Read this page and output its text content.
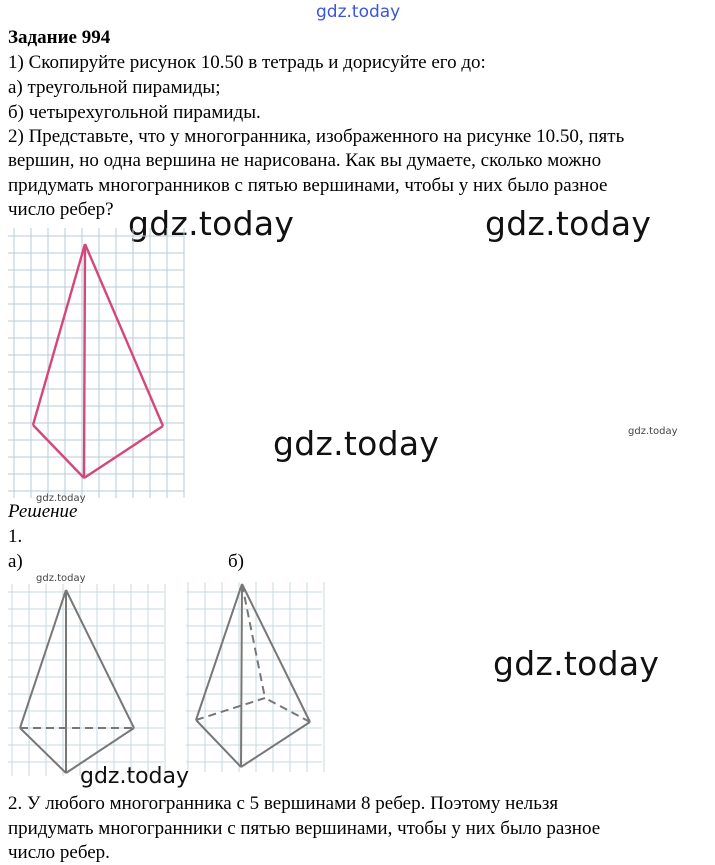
gdz.today
Задание 994
1) Скопируйте рисунок 10.50 в тетрадь и дорисуйте его до:
а) треугольной пирамиды;
б) четырехугольной пирамиды.
2) Представьте, что у многогранника, изображенного на рисунке 10.50, пять
вершин, но одна вершина не нарисована. Как вы думаете, сколько можно
придумать многогранников с пятью вершинами, чтобы у них было разное
число ребер? gdz.today	gdz.today
gdz.today	gdz.today
gdz.today
Решение
1.
а)	б)
gdz.today
gdz.today
gdz.today
2. У любого многогранника с 5 вершинами 8 ребер. Поэтому нельзя
придумать многогранники с пятью вершинами, чтобы у них было разное
число ребер.
